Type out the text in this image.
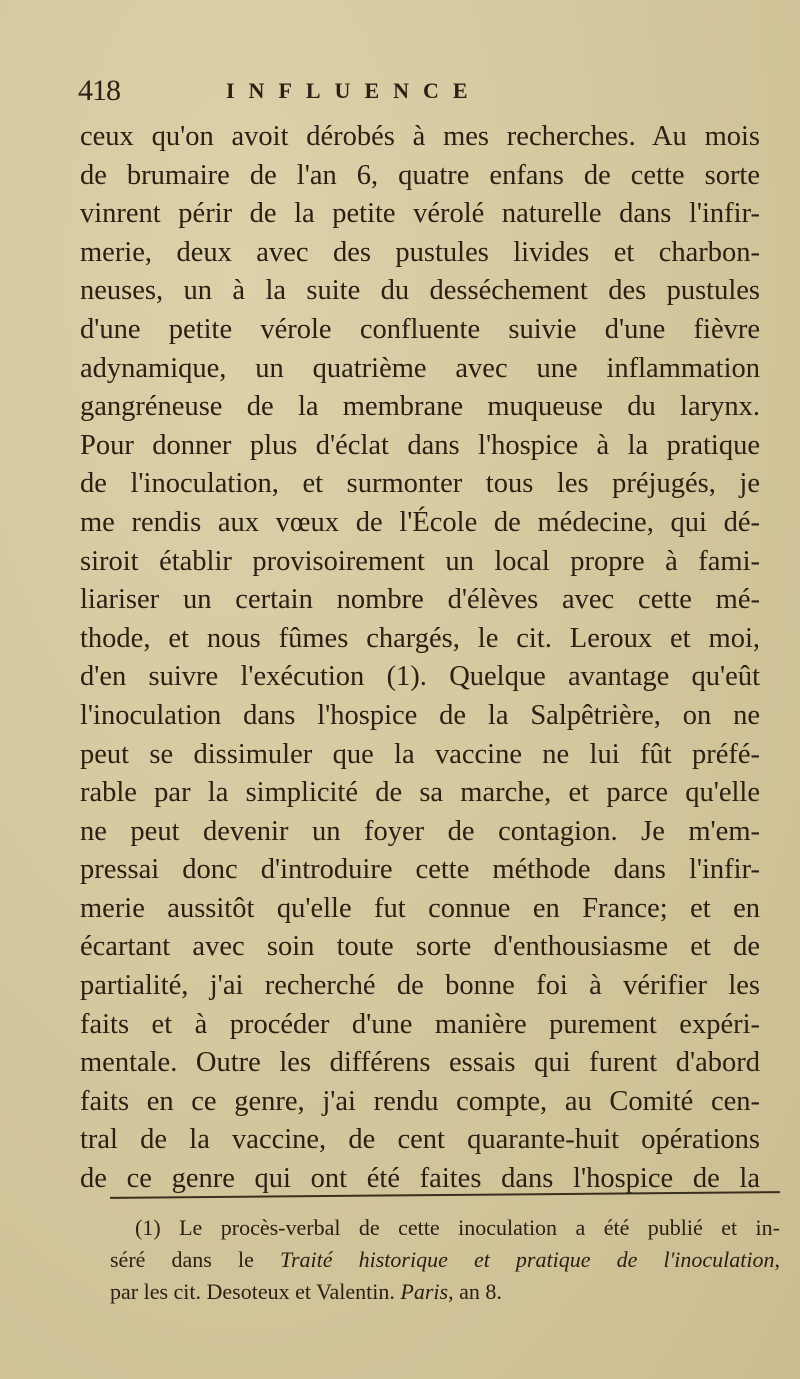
418	INFLUENCE
ceux qu'on avoit dérobés à mes recherches. Au mois
de brumaire de l'an 6, quatre enfans de cette sorte
vinrent périr de la petite vérolé naturelle dans l'infir-
merie, deux avec des pustules livides et charbon-
neuses, un à la suite du desséchement des pustules
d'une petite vérole confluente suivie d'une fièvre
adynamique, un quatrième avec une inflammation
gangréneuse de la membrane muqueuse du larynx.
Pour donner plus d'éclat dans l'hospice à la pratique
de l'inoculation, et surmonter tous les préjugés, je
me rendis aux vœux de l'École de médecine, qui dé-
siroit établir provisoirement un local propre à fami-
liariser un certain nombre d'élèves avec cette mé-
thode, et nous fûmes chargés, le cit. Leroux et moi,
d'en suivre l'exécution (1). Quelque avantage qu'eût
l'inoculation dans l'hospice de la Salpêtrière, on ne
peut se dissimuler que la vaccine ne lui fût préfé-
rable par la simplicité de sa marche, et parce qu'elle
ne peut devenir un foyer de contagion. Je m'em-
pressai donc d'introduire cette méthode dans l'infir-
merie aussitôt qu'elle fut connue en France; et en
écartant avec soin toute sorte d'enthousiasme et de
partialité, j'ai recherché de bonne foi à vérifier les
faits et à procéder d'une manière purement expéri-
mentale. Outre les différens essais qui furent d'abord
faits en ce genre, j'ai rendu compte, au Comité cen-
tral de la vaccine, de cent quarante-huit opérations
de ce genre qui ont été faites dans l'hospice de la
(1) Le procès-verbal de cette inoculation a été publié et in-
séré dans le Traité historique et pratique de l'inoculation,
par les cit. Desoteux et Valentin. Paris, an 8.
